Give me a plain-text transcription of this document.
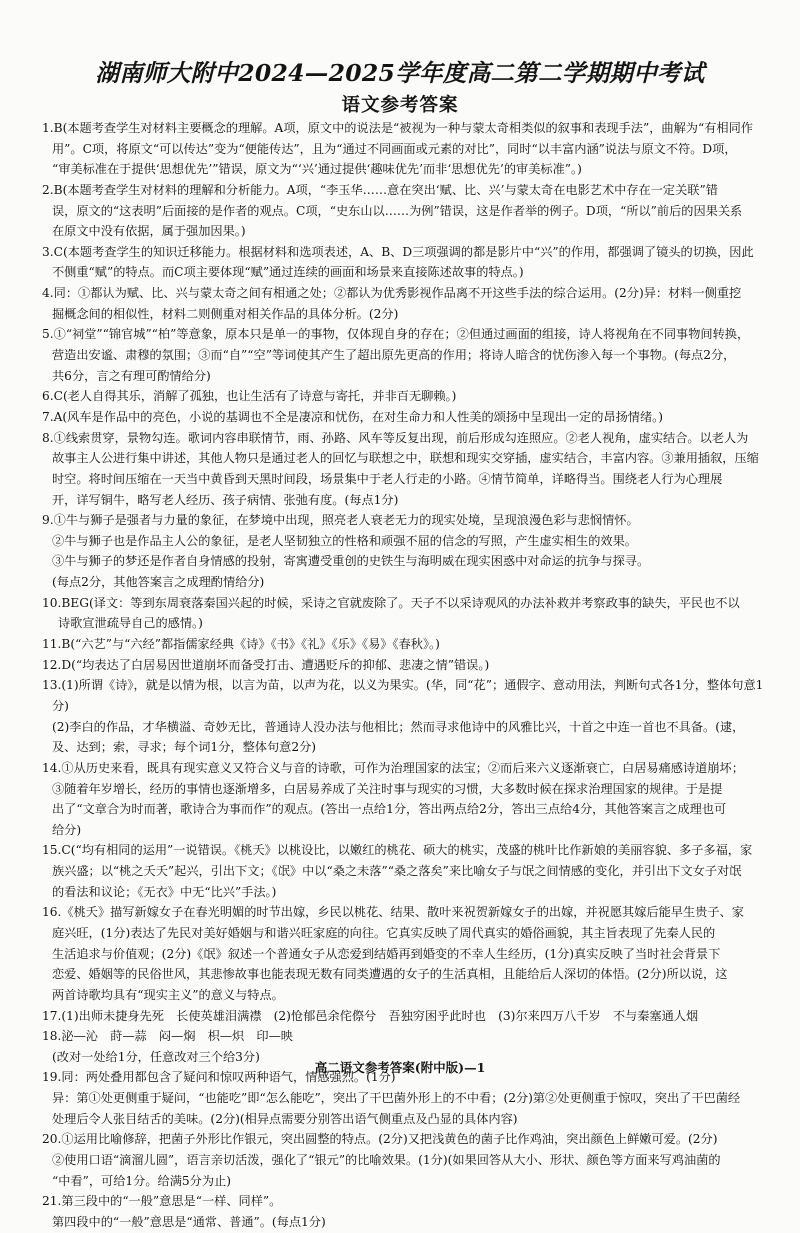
湖南师大附中2024—2025学年度高二第二学期期中考试
语文参考答案
1.B(本题考查学生对材料主要概念的理解。A项，原文中的说法是“被视为一种与蒙太奇相类似的叙事和表现手法”，曲解为“有相同作
用”。C项，将原文“可以传达”变为“便能传达”，且为“通过不同画面或元素的对比”，同时“以丰富内涵”说法与原文不符。D项，
“审美标准在于提供‘思想优先’”错误，原文为“‘兴’通过提供‘趣味优先’而非‘思想优先’的审美标准”。)
2.B(本题考查学生对材料的理解和分析能力。A项，“李玉华……意在突出‘赋、比、兴’与蒙太奇在电影艺术中存在一定关联”错
误，原文的“这表明”后面接的是作者的观点。C项，“史东山以……为例”错误，这是作者举的例子。D项，“所以”前后的因果关系
在原文中没有依据，属于强加因果。)
3.C(本题考查学生的知识迁移能力。根据材料和选项表述，A、B、D三项强调的都是影片中“兴”的作用，都强调了镜头的切换，因此
不侧重“赋”的特点。而C项主要体现“赋”通过连续的画面和场景来直接陈述故事的特点。)
4.同：①都认为赋、比、兴与蒙太奇之间有相通之处；②都认为优秀影视作品离不开这些手法的综合运用。(2分)异：材料一侧重挖
掘概念间的相似性，材料二则侧重对相关作品的具体分析。(2分)
5.①“祠堂”“锦官城”“柏”等意象，原本只是单一的事物，仅体现自身的存在；②但通过画面的组接，诗人将视角在不同事物间转换，
营造出安谧、肃穆的氛围；③而“自”“空”等词使其产生了超出原先更高的作用；将诗人暗含的忧伤渗入每一个事物。(每点2分，
共6分，言之有理可酌情给分)
6.C(老人自得其乐，消解了孤独，也让生活有了诗意与寄托，并非百无聊赖。)
7.A(风车是作品中的亮色，小说的基调也不全是凄凉和忧伤，在对生命力和人性美的颂扬中呈现出一定的昂扬情绪。)
8.①线索贯穿，景物勾连。歌词内容串联情节，雨、孙路、风车等反复出现，前后形成勾连照应。②老人视角，虚实结合。以老人为
故事主人公进行集中讲述，其他人物只是通过老人的回忆与联想之中，联想和现实交穿插，虚实结合，丰富内容。③兼用插叙，压缩
时空。将时间压缩在一天当中黄昏到天黑时间段，场景集中于老人行走的小路。④情节简单，详略得当。围绕老人行为心理展
开，详写铜牛，略写老人经历、孩子病情、张弛有度。(每点1分)
9.①牛与狮子是强者与力量的象征，在梦境中出现，照亮老人衰老无力的现实处境，呈现浪漫色彩与悲悯情怀。
②牛与狮子也是作品主人公的象征，是老人坚韧独立的性格和顽强不屈的信念的写照，产生虚实相生的效果。
③牛与狮子的梦还是作者自身情感的投射，寄寓遭受重创的史铁生与海明威在现实困惑中对命运的抗争与探寻。
(每点2分，其他答案言之成理酌情给分)
10.BEG(译文：等到东周衰落秦国兴起的时候，采诗之官就废除了。天子不以采诗观风的办法补救并考察政事的缺失，平民也不以
诗歌宣泄疏导自己的感情。)
11.B(“六艺”与“六经”都指儒家经典《诗》《书》《礼》《乐》《易》《春秋》。)
12.D(“均表达了白居易因世道崩坏而备受打击、遭遇贬斥的抑郁、悲凄之情”错误。)
13.(1)所谓《诗》，就是以情为根，以言为苗，以声为花，以义为果实。(华，同“花”；通假字、意动用法，判断句式各1分，整体句意1
分)
(2)李白的作品，才华横溢、奇妙无比，普通诗人没办法与他相比；然而寻求他诗中的风雅比兴，十首之中连一首也不具备。(逮，
及、达到；索，寻求；每个词1分，整体句意2分)
14.①从历史来看，既具有现实意义又符合义与音的诗歌，可作为治理国家的法宝；②而后来六义逐渐衰亡，白居易痛感诗道崩坏；
③随着年岁增长，经历的事情也逐渐增多，白居易养成了关注时事与现实的习惯，大多数时候在探求治理国家的规律。于是提
出了“文章合为时而著，歌诗合为事而作”的观点。(答出一点给1分，答出两点给2分，答出三点给4分，其他答案言之成理也可
给分)
15.C(“均有相同的运用”一说错误。《桃夭》以桃设比，以嫩红的桃花、硕大的桃实，茂盛的桃叶比作新娘的美丽容貌、多子多福，家
族兴盛；以“桃之夭夭”起兴，引出下文；《氓》中以“桑之未落”“桑之落矣”来比喻女子与氓之间情感的变化，并引出下文女子对氓
的看法和议论；《无衣》中无“比兴”手法。)
16.《桃夭》描写新嫁女子在春光明媚的时节出嫁，乡民以桃花、结果、散叶来祝贺新嫁女子的出嫁，并祝愿其嫁后能早生贵子、家
庭兴旺，(1分)表达了先民对美好婚姻与和谐兴旺家庭的向往。它真实反映了周代真实的婚俗画貌，其主旨表现了先秦人民的
生活追求与价值观；(2分)《氓》叙述一个普通女子从恋爱到结婚再到婚变的不幸人生经历，(1分)真实反映了当时社会背景下
恋爱、婚姻等的民俗世风，其悲惨故事也能表现无数有同类遭遇的女子的生活真相，且能给后人深切的体悟。(2分)所以说，这
两首诗歌均具有“现实主义”的意义与特点。
17.(1)出师未捷身先死　长使英雄泪满襟　(2)怆郁邑余侘傺兮　吾独穷困乎此时也　(3)尔来四万八千岁　不与秦塞通人烟
18.泌—沁　莳—蒜　闷—焖　枳—炽　印—映
(改对一处给1分，任意改对三个给3分)
19.同：两处叠用都包含了疑问和惊叹两种语气，情感强烈。(1分)
异：第①处更侧重于疑问，“也能吃”即“怎么能吃”，突出了干巴菌外形上的不中看；(2分)第②处更侧重于惊叹，突出了干巴菌经
处理后令人张目结舌的美味。(2分)(相异点需要分别答出语气侧重点及凸显的具体内容)
20.①运用比喻修辞，把菌子外形比作银元，突出圆整的特点。(2分)又把浅黄色的菌子比作鸡油，突出颜色上鲜嫩可爱。(2分)
②使用口语“滴溜儿圆”，语言亲切活泼，强化了“银元”的比喻效果。(1分)(如果回答从大小、形状、颜色等方面来写鸡油菌的
“中看”，可给1分。给满5分为止)
21.第三段中的“一般”意思是“一样、同样”。
第四段中的“一般”意思是“通常、普通”。(每点1分)
高二语文参考答案(附中版)—1
